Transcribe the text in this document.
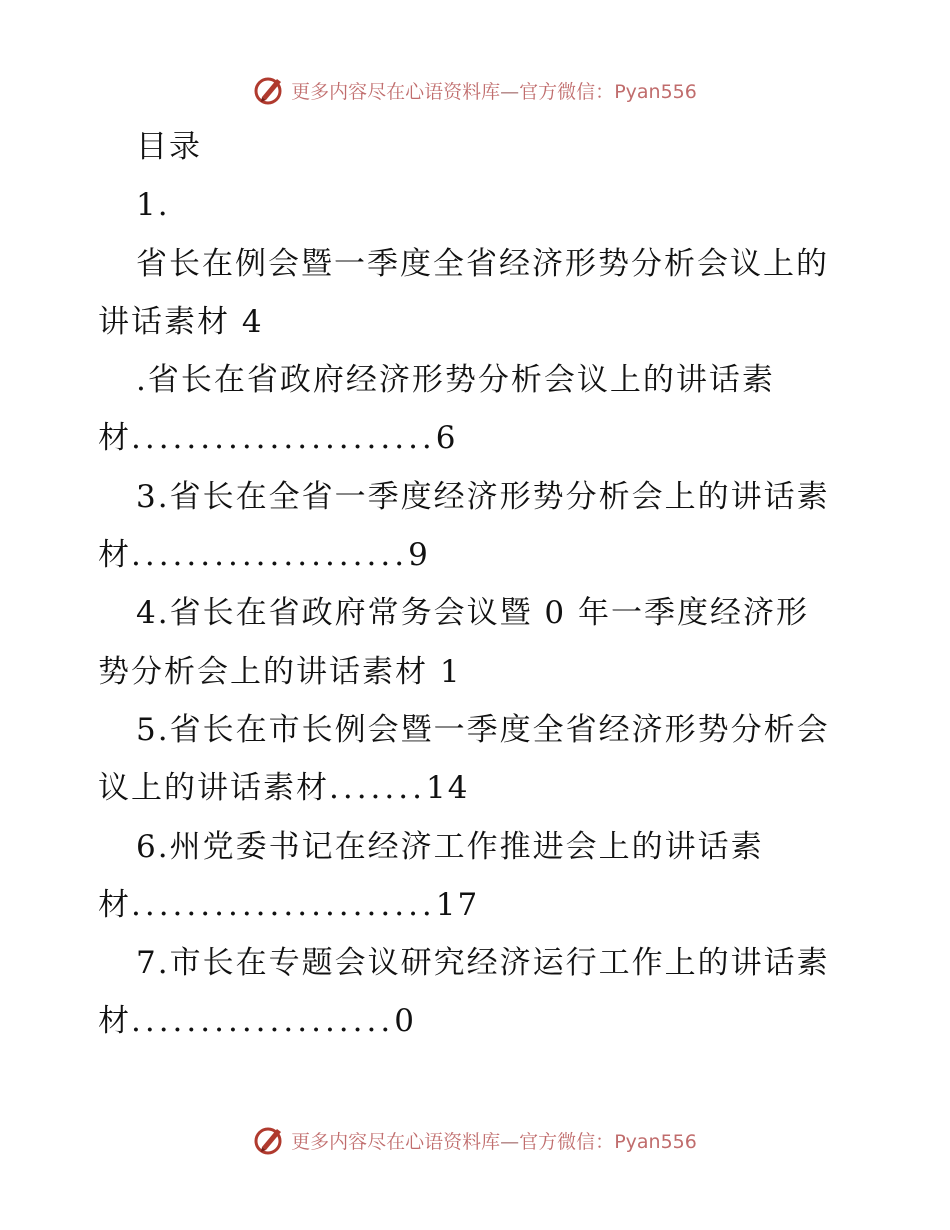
更多内容尽在心语资料库—官方微信：Pyan556

目录

1.

省长在例会暨一季度全省经济形势分析会议上的

讲话素材 4

.省长在省政府经济形势分析会议上的讲话素

材......................6

3.省长在全省一季度经济形势分析会上的讲话素

材....................9

4.省长在省政府常务会议暨 0 年一季度经济形

势分析会上的讲话素材 1

5.省长在市长例会暨一季度全省经济形势分析会

议上的讲话素材.......14

6.州党委书记在经济工作推进会上的讲话素

材......................17

7.市长在专题会议研究经济运行工作上的讲话素

材...................0

更多内容尽在心语资料库—官方微信：Pyan556
